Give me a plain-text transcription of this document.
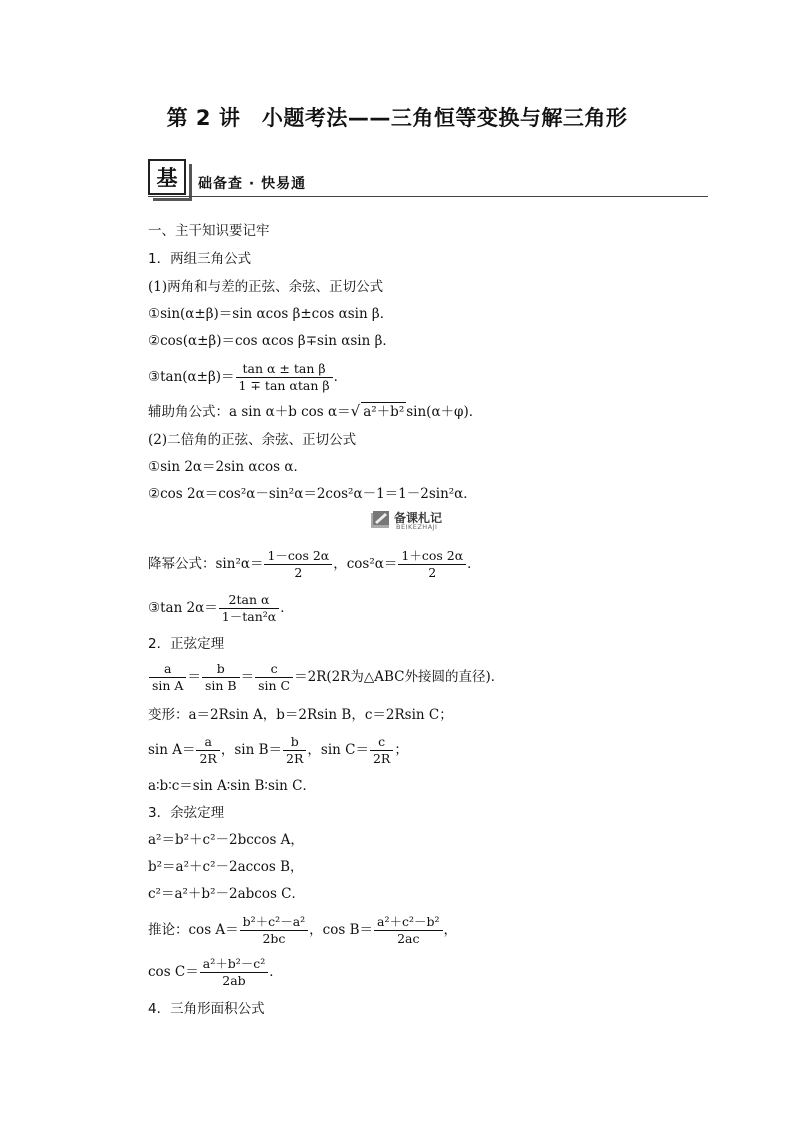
第 2 讲　小题考法——三角恒等变换与解三角形
基	础备查 · 快易通
一、主干知识要记牢
1．两组三角公式
(1)两角和与差的正弦、余弦、正切公式
①sin(α±β)＝sin αcos β±cos αsin β．
②cos(α±β)＝cos αcos β∓sin αsin β．
③tan(α±β)＝ $\frac{\text{tan α ± tan β}}{\text{1 ∓ tan αtan β}}$ ．
辅助角公式：a sin α＋b cos α＝√ a²＋b² sin(α＋φ)．
(2)二倍角的正弦、余弦、正切公式
①sin 2α＝2sin αcos α．
②cos 2α＝cos²α－sin²α＝2cos²α－1＝1－2sin²α．
备课札记
BEIKEZHAJI
降幂公式：$\sin^2\alpha= \frac{1-\cos 2\alpha}{2}$ ，$\cos^2\alpha= \frac{1+\cos 2\alpha}{2}$ ．
③tan $2\alpha= \frac{\text{2tan α}}{\text{1－tan²α}}$ ．
2．正弦定理
$\frac{a}{\text{sin A}} = \frac{b}{\text{sin B}} = \frac{c}{\text{sin C}} =2R(2R$为△ABC外接圆的直径)．
变形：a＝2Rsin A，b＝2Rsin B，c＝2Rsin C；
$\sin A= \frac{a}{2R}$ ，$\sin B= \frac{b}{2R}$ ，$\sin C= \frac{c}{2R}$ ；
a∶b∶c＝sin A∶sin B∶sin C．
3．余弦定理
a²＝b²＋c²－2bccos A，
b²＝a²＋c²－2accos B，
c²＝a²＋b²－2abcos C．
推论：$\cos A= \frac{\text{b²＋c²－a²}}{2bc}$ ，$\cos B= \frac{\text{a²＋c²－b²}}{2ac}$ ，
$\cos C= \frac{\text{a²＋b²－c²}}{2ab}$ ．
4．三角形面积公式
